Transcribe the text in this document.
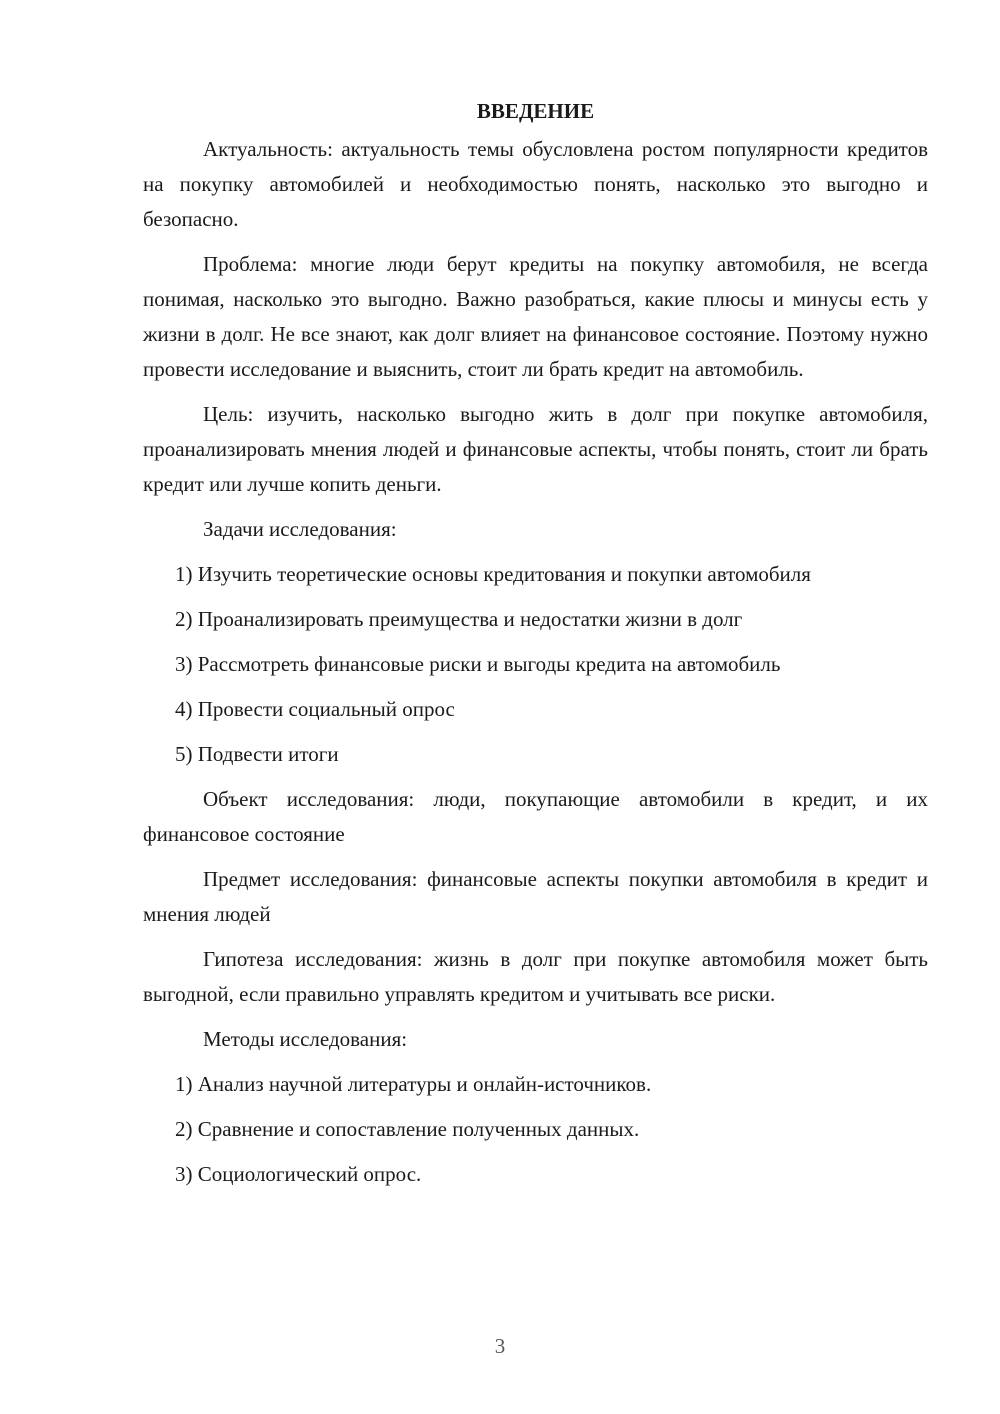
ВВЕДЕНИЕ

Актуальность: актуальность темы обусловлена ростом популярности кредитов на покупку автомобилей и необходимостью понять, насколько это выгодно и безопасно.

Проблема: многие люди берут кредиты на покупку автомобиля, не всегда понимая, насколько это выгодно. Важно разобраться, какие плюсы и минусы есть у жизни в долг. Не все знают, как долг влияет на финансовое состояние. Поэтому нужно провести исследование и выяснить, стоит ли брать кредит на автомобиль.

Цель: изучить, насколько выгодно жить в долг при покупке автомобиля, проанализировать мнения людей и финансовые аспекты, чтобы понять, стоит ли брать кредит или лучше копить деньги.

Задачи исследования:

1) Изучить теоретические основы кредитования и покупки автомобиля

2) Проанализировать преимущества и недостатки жизни в долг

3) Рассмотреть финансовые риски и выгоды кредита на автомобиль

4) Провести социальный опрос

5) Подвести итоги

Объект исследования: люди, покупающие автомобили в кредит, и их финансовое состояние

Предмет исследования: финансовые аспекты покупки автомобиля в кредит и мнения людей

Гипотеза исследования: жизнь в долг при покупке автомобиля может быть выгодной, если правильно управлять кредитом и учитывать все риски.

Методы исследования:

1) Анализ научной литературы и онлайн-источников.

2) Сравнение и сопоставление полученных данных.

3) Социологический опрос.

3
